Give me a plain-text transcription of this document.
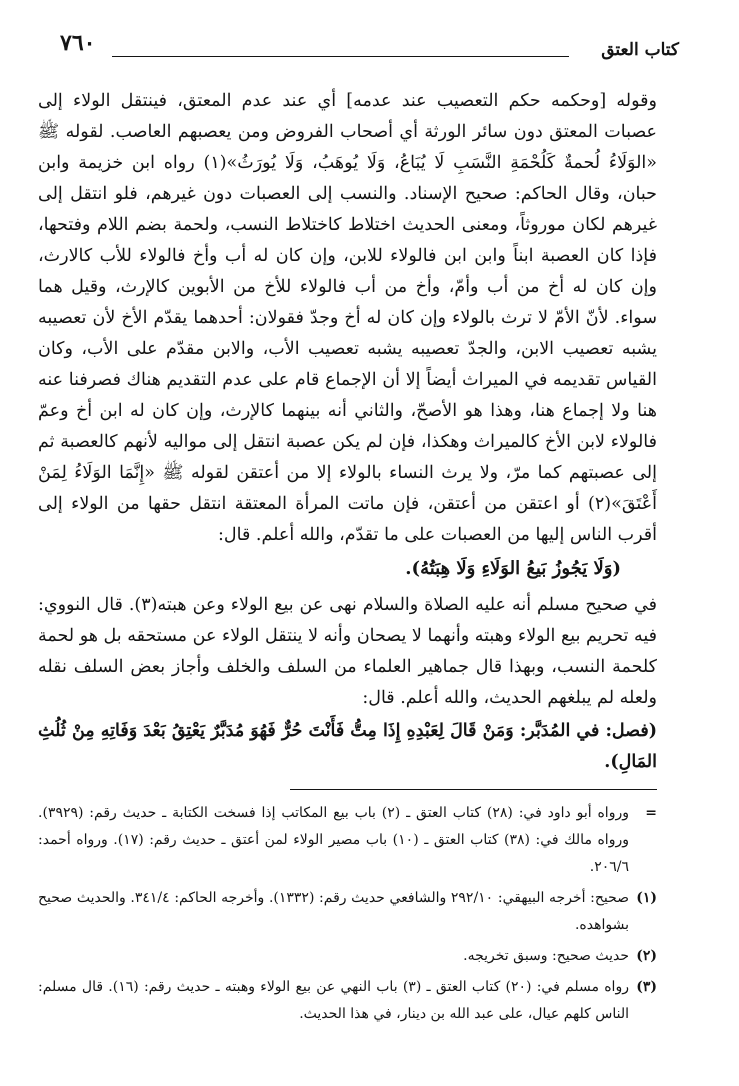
٧٦٠	كتاب العتق

وقوله [وحكمه حكم التعصيب عند عدمه] أي عند عدم المعتق، فينتقل الولاء إلى عصبات المعتق دون سائر الورثة أي أصحاب الفروض ومن يعصبهم العاصب. لقوله ﷺ «الوَلَاءُ لُحمةٌ كَلُحْمَةِ النَّسَبِ لَا يُبَاعُ، وَلَا يُوهَبُ، وَلَا يُورَثُ»(١) رواه ابن خزيمة وابن حبان، وقال الحاكم: صحيح الإسناد. والنسب إلى العصبات دون غيرهم، فلو انتقل إلى غيرهم لكان موروثاً، ومعنى الحديث اختلاط كاختلاط النسب، ولحمة بضم اللام وفتحها، فإذا كان العصبة ابناً وابن ابن فالولاء للابن، وإن كان له أب وأخ فالولاء للأب كالارث، وإن كان له أخ من أب وأمّ، وأخ من أب فالولاء للأخ من الأبوين كالإرث، وقيل هما سواء. لأنّ الأمّ لا ترث بالولاء وإن كان له أخ وجدّ فقولان: أحدهما يقدّم الأخ لأن تعصيبه يشبه تعصيب الابن، والجدّ تعصيبه يشبه تعصيب الأب، والابن مقدّم على الأب، وكان القياس تقديمه في الميراث أيضاً إلا أن الإجماع قام على عدم التقديم هناك فصرفنا عنه هنا ولا إجماع هنا، وهذا هو الأصحّ، والثاني أنه بينهما كالإرث، وإن كان له ابن أخ وعمّ فالولاء لابن الأخ كالميراث وهكذا، فإن لم يكن عصبة انتقل إلى مواليه لأنهم كالعصبة ثم إلى عصبتهم كما مرّ، ولا يرث النساء بالولاء إلا من أعتقن لقوله ﷺ «إِنَّمَا الوَلَاءُ لِمَنْ أَعْتَقَ»(٢) أو اعتقن من أعتقن، فإن ماتت المرأة المعتقة انتقل حقها من الولاء إلى أقرب الناس إليها من العصبات على ما تقدّم، والله أعلم. قال:

(وَلَا يَجُوزُ بَيعُ الوَلَاءِ وَلَا هِبَتُهُ).

في صحيح مسلم أنه عليه الصلاة والسلام نهى عن بيع الولاء وعن هبته(٣). قال النووي: فيه تحريم بيع الولاء وهبته وأنهما لا يصحان وأنه لا ينتقل الولاء عن مستحقه بل هو لحمة كلحمة النسب، وبهذا قال جماهير العلماء من السلف والخلف وأجاز بعض السلف نقله ولعله لم يبلغهم الحديث، والله أعلم. قال:

(فصل: في المُدَبَّر: وَمَنْ قَالَ لِعَبْدِهِ إِذَا مِتُّ فَأَنْتَ حُرٌّ فَهُوَ مُدَبَّرٌ يَعْتِقُ بَعْدَ وَفَاتِهِ مِنْ ثُلُثِ المَالِ).

=
ورواه أبو داود في: (٢٨) كتاب العتق ـ (٢) باب بيع المكاتب إذا فسخت الكتابة ـ حديث رقم: (٣٩٢٩). ورواه مالك في: (٣٨) كتاب العتق ـ (١٠) باب مصير الولاء لمن أعتق ـ حديث رقم: (١٧). ورواه أحمد: ٢٠٦/٦.
(١)
صحيح: أخرجه البيهقي: ٢٩٢/١٠ والشافعي حديث رقم: (١٣٣٢). وأخرجه الحاكم: ٣٤١/٤. والحديث صحيح بشواهده.
(٢)
حديث صحيح: وسبق تخريجه.
(٣)
رواه مسلم في: (٢٠) كتاب العتق ـ (٣) باب النهي عن بيع الولاء وهبته ـ حديث رقم: (١٦). قال مسلم: الناس كلهم عيال، على عبد الله بن دينار، في هذا الحديث.
